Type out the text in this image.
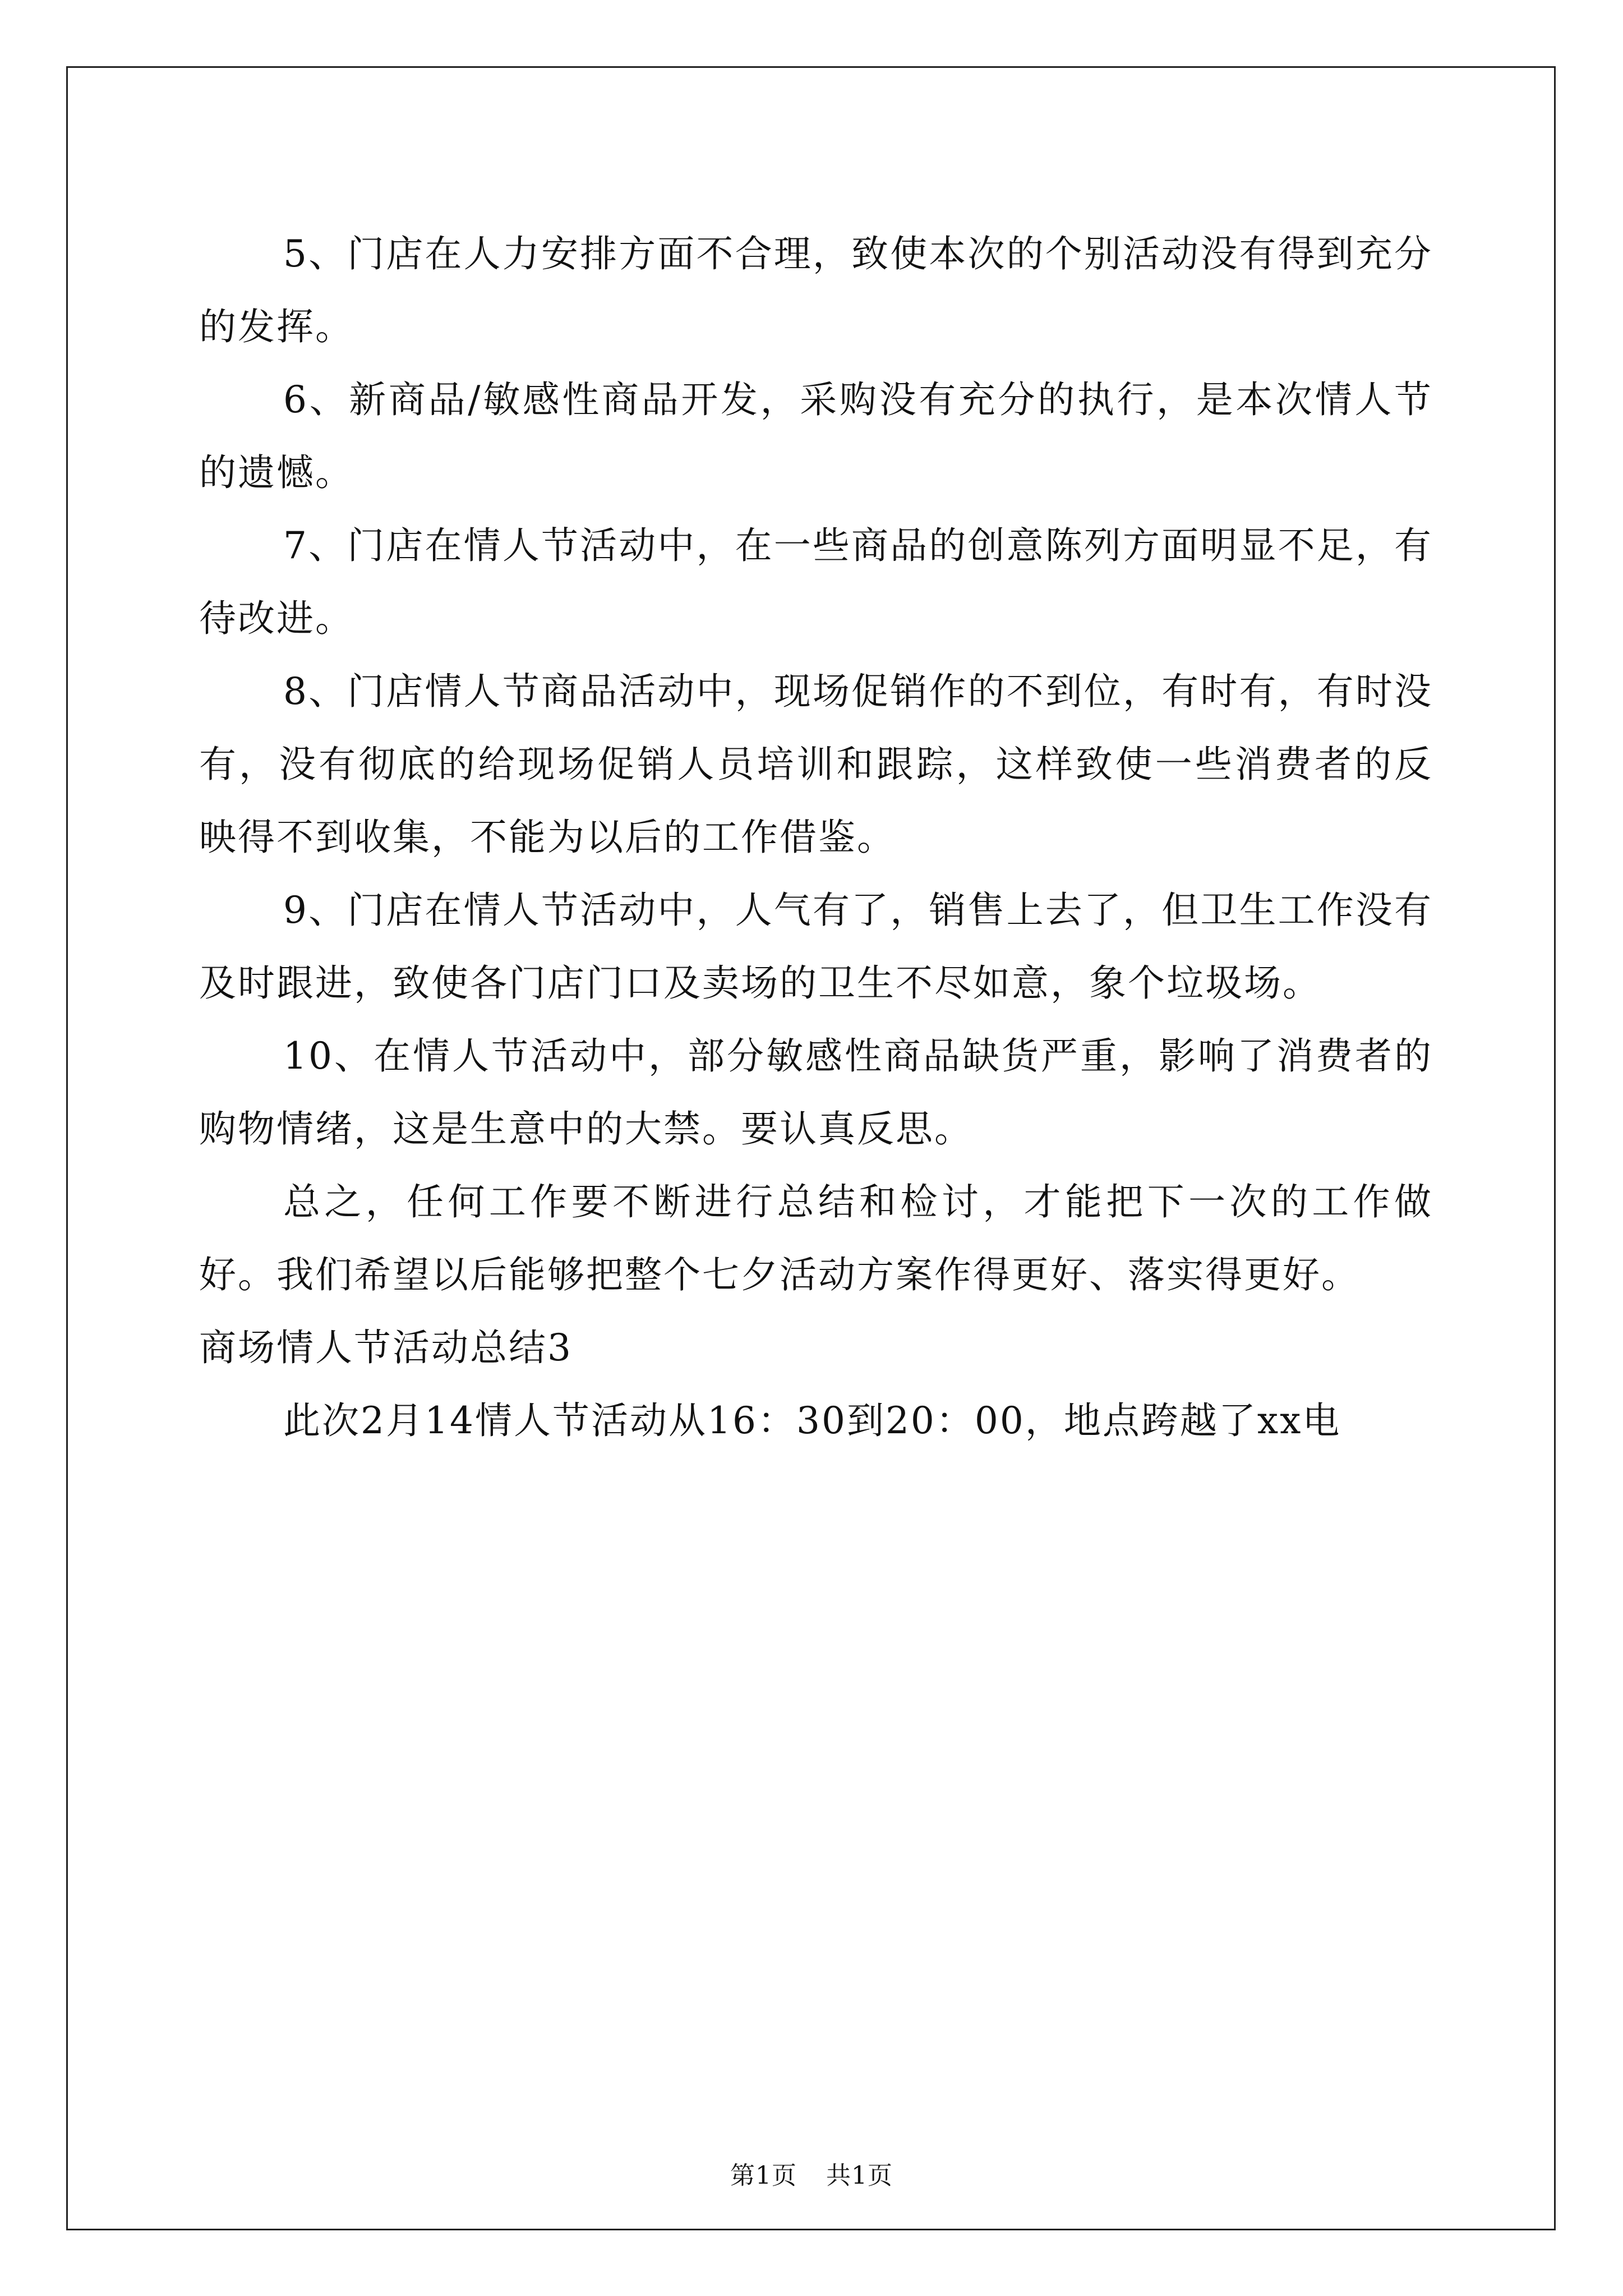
5、门店在人力安排方面不合理，致使本次的个别活动没有得到充分的发挥。

6、新商品/敏感性商品开发，采购没有充分的执行，是本次情人节的遗憾。

7、门店在情人节活动中，在一些商品的创意陈列方面明显不足，有待改进。

8、门店情人节商品活动中，现场促销作的不到位，有时有，有时没有，没有彻底的给现场促销人员培训和跟踪，这样致使一些消费者的反映得不到收集，不能为以后的工作借鉴。

9、门店在情人节活动中，人气有了，销售上去了，但卫生工作没有及时跟进，致使各门店门口及卖场的卫生不尽如意，象个垃圾场。

10、在情人节活动中，部分敏感性商品缺货严重，影响了消费者的购物情绪，这是生意中的大禁。要认真反思。

总之，任何工作要不断进行总结和检讨，才能把下一次的工作做好。我们希望以后能够把整个七夕活动方案作得更好、落实得更好。

商场情人节活动总结3

此次2月14情人节活动从16：30到20：00，地点跨越了xx电

第1页 共1页
